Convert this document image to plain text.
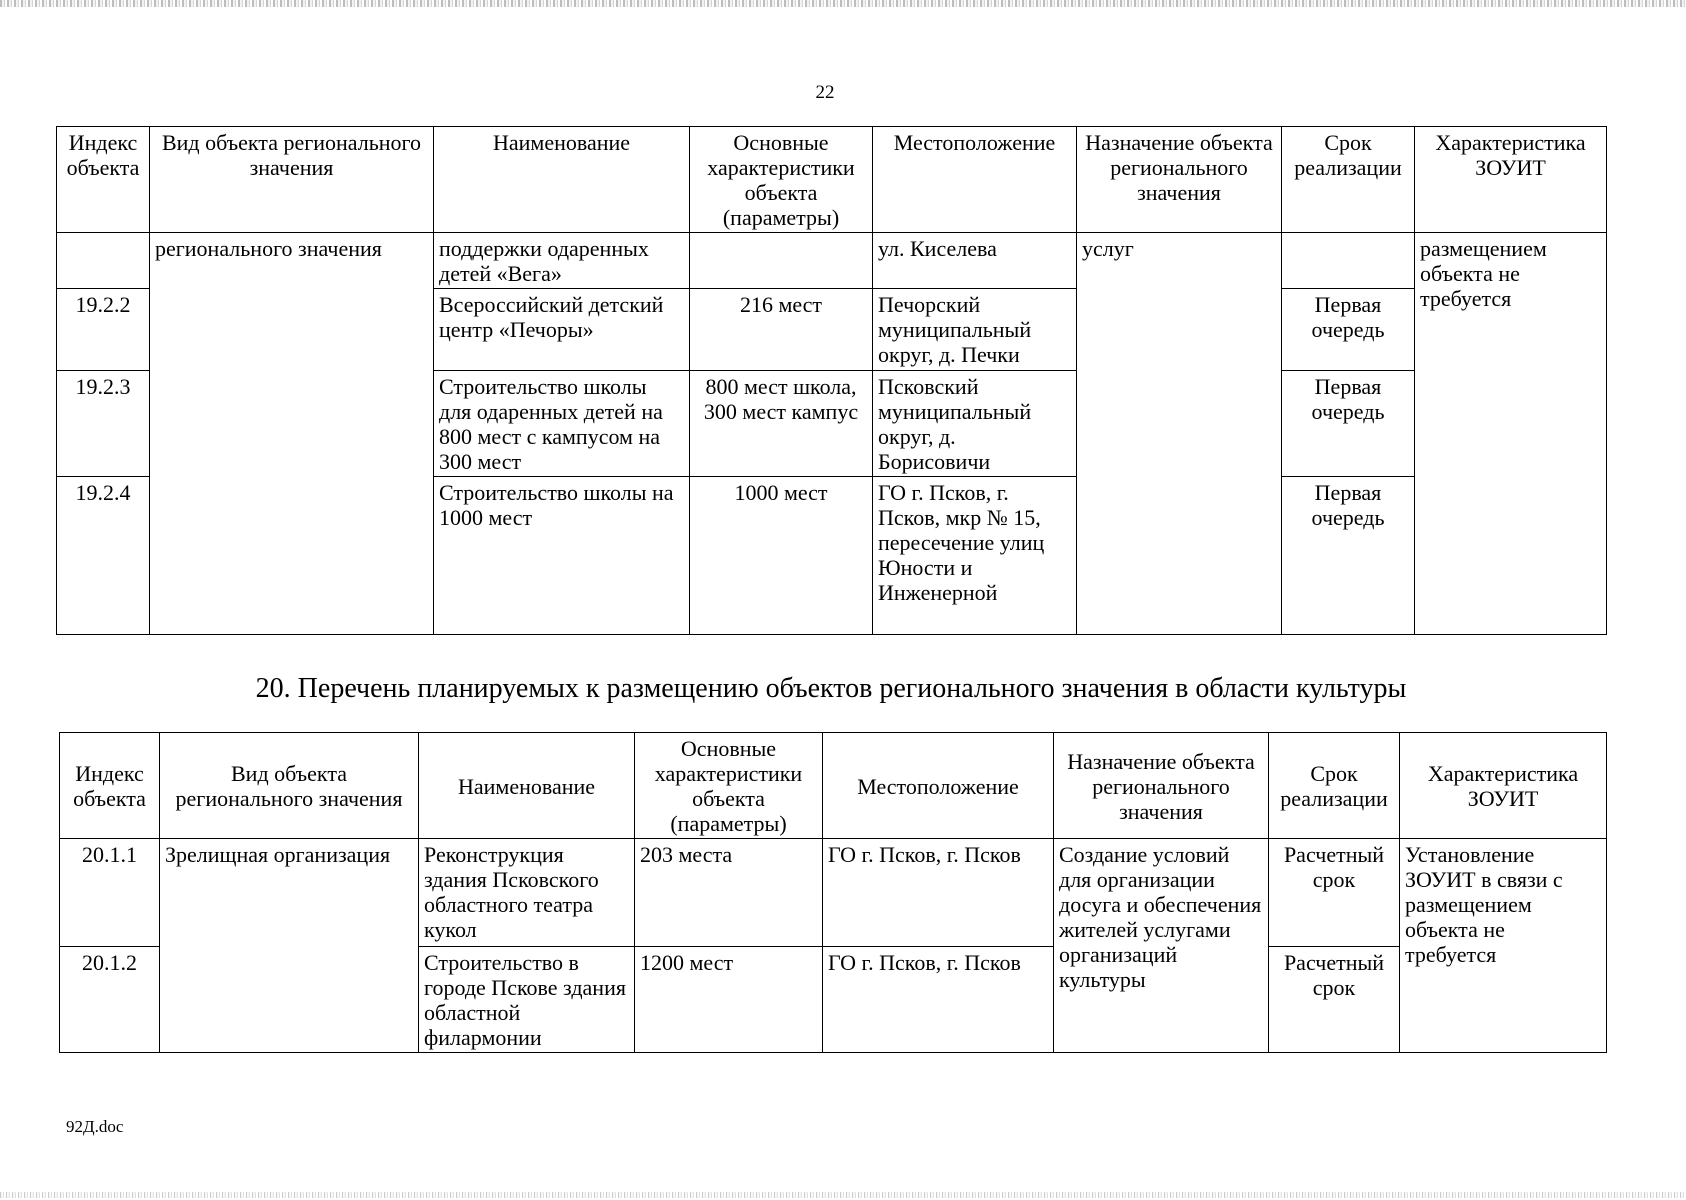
22
Индекс объекта	Вид объекта регионального значения	Наименование	Основные характеристики объекта (параметры)	Местоположение	Назначение объекта регионального значения	Срок реализации	Характеристика ЗОУИТ
	регионального значения	поддержки одаренных детей «Вега»		ул. Киселева	услуг		размещением объекта не требуется
19.2.2		Всероссийский детский центр «Печоры»	216 мест	Печорский муниципальный округ, д. Печки		Первая очередь	
19.2.3		Строительство школы для одаренных детей на 800 мест с кампусом на 300 мест	800 мест школа, 300 мест кампус	Псковский муниципальный округ, д. Борисовичи		Первая очередь	
19.2.4		Строительство школы на 1000 мест	1000 мест	ГО г. Псков, г. Псков, мкр № 15, пересечение улиц Юности и Инженерной		Первая очередь	
20. Перечень планируемых к размещению объектов регионального значения в области культуры
Индекс объекта	Вид объекта регионального значения	Наименование	Основные характеристики объекта (параметры)	Местоположение	Назначение объекта регионального значения	Срок реализации	Характеристика ЗОУИТ
20.1.1	Зрелищная организация	Реконструкция здания Псковского областного театра кукол	203 места	ГО г. Псков, г. Псков	Создание условий для организации досуга и обеспечения жителей услугами организаций культуры	Расчетный срок	Установление ЗОУИТ в связи с размещением объекта не требуется
20.1.2		Строительство в городе Пскове здания областной филармонии	1200 мест	ГО г. Псков, г. Псков		Расчетный срок	
92Д.doc
